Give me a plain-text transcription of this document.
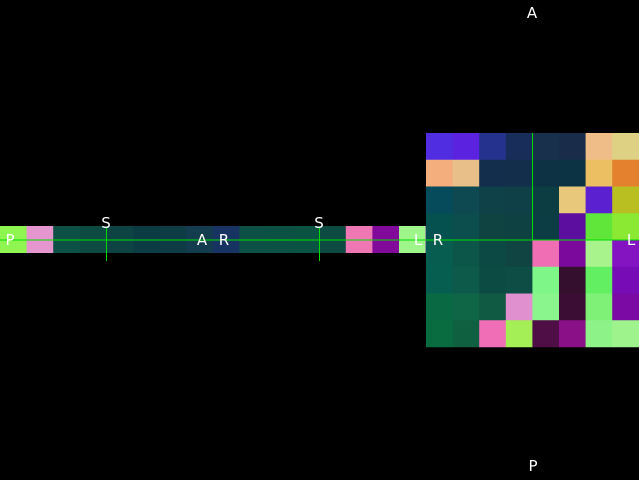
A
P
R	L
P	A
S
R	L
S
